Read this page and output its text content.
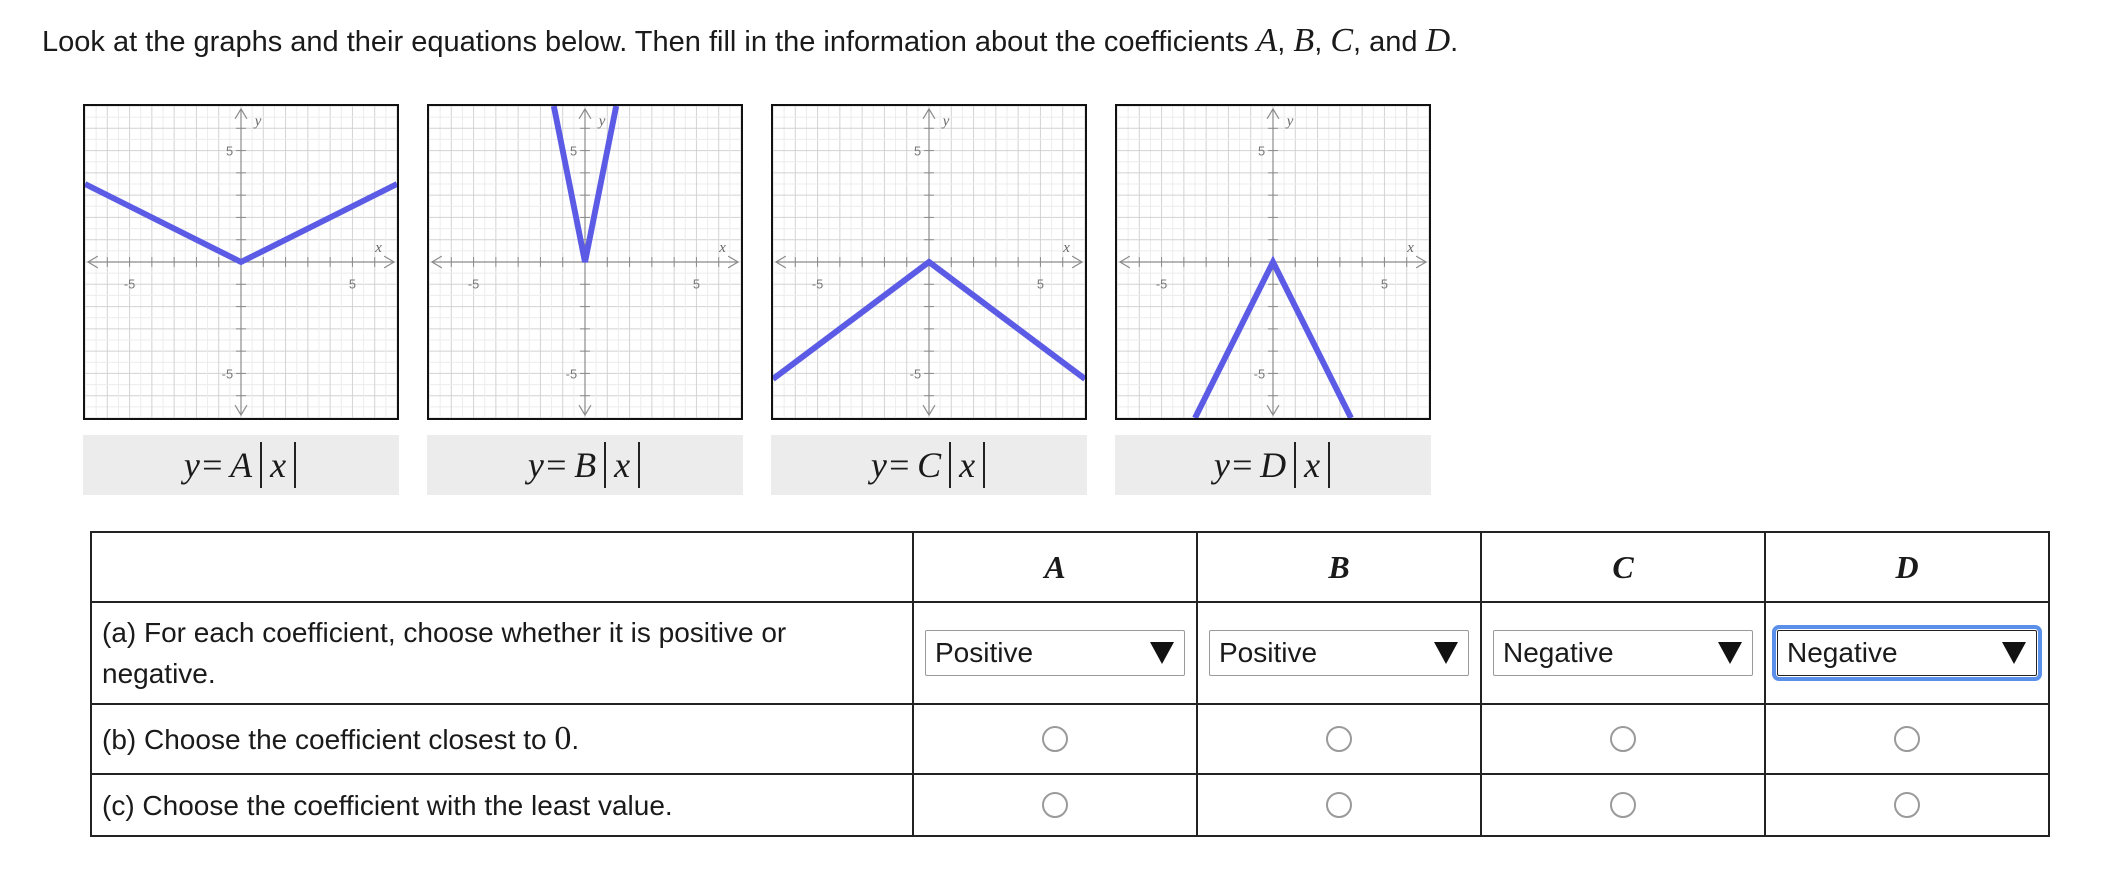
Look at the graphs and their equations below. Then fill in the information about the coefficients A, B, C, and D.
-5	5
5
-5
x
y
-5	5
5
-5
x
y
-5	5
5
-5
x
y
-5	5
5
-5
x
y
y= A x	y= B x	y= C x	y= D x
	A	B	C	D
(a) For each coefficient, choose whether it is positive or negative.	Positive	Positive	Negative	Negative

(b) Choose the coefficient closest to 0.				
(c) Choose the coefficient with the least value.				
